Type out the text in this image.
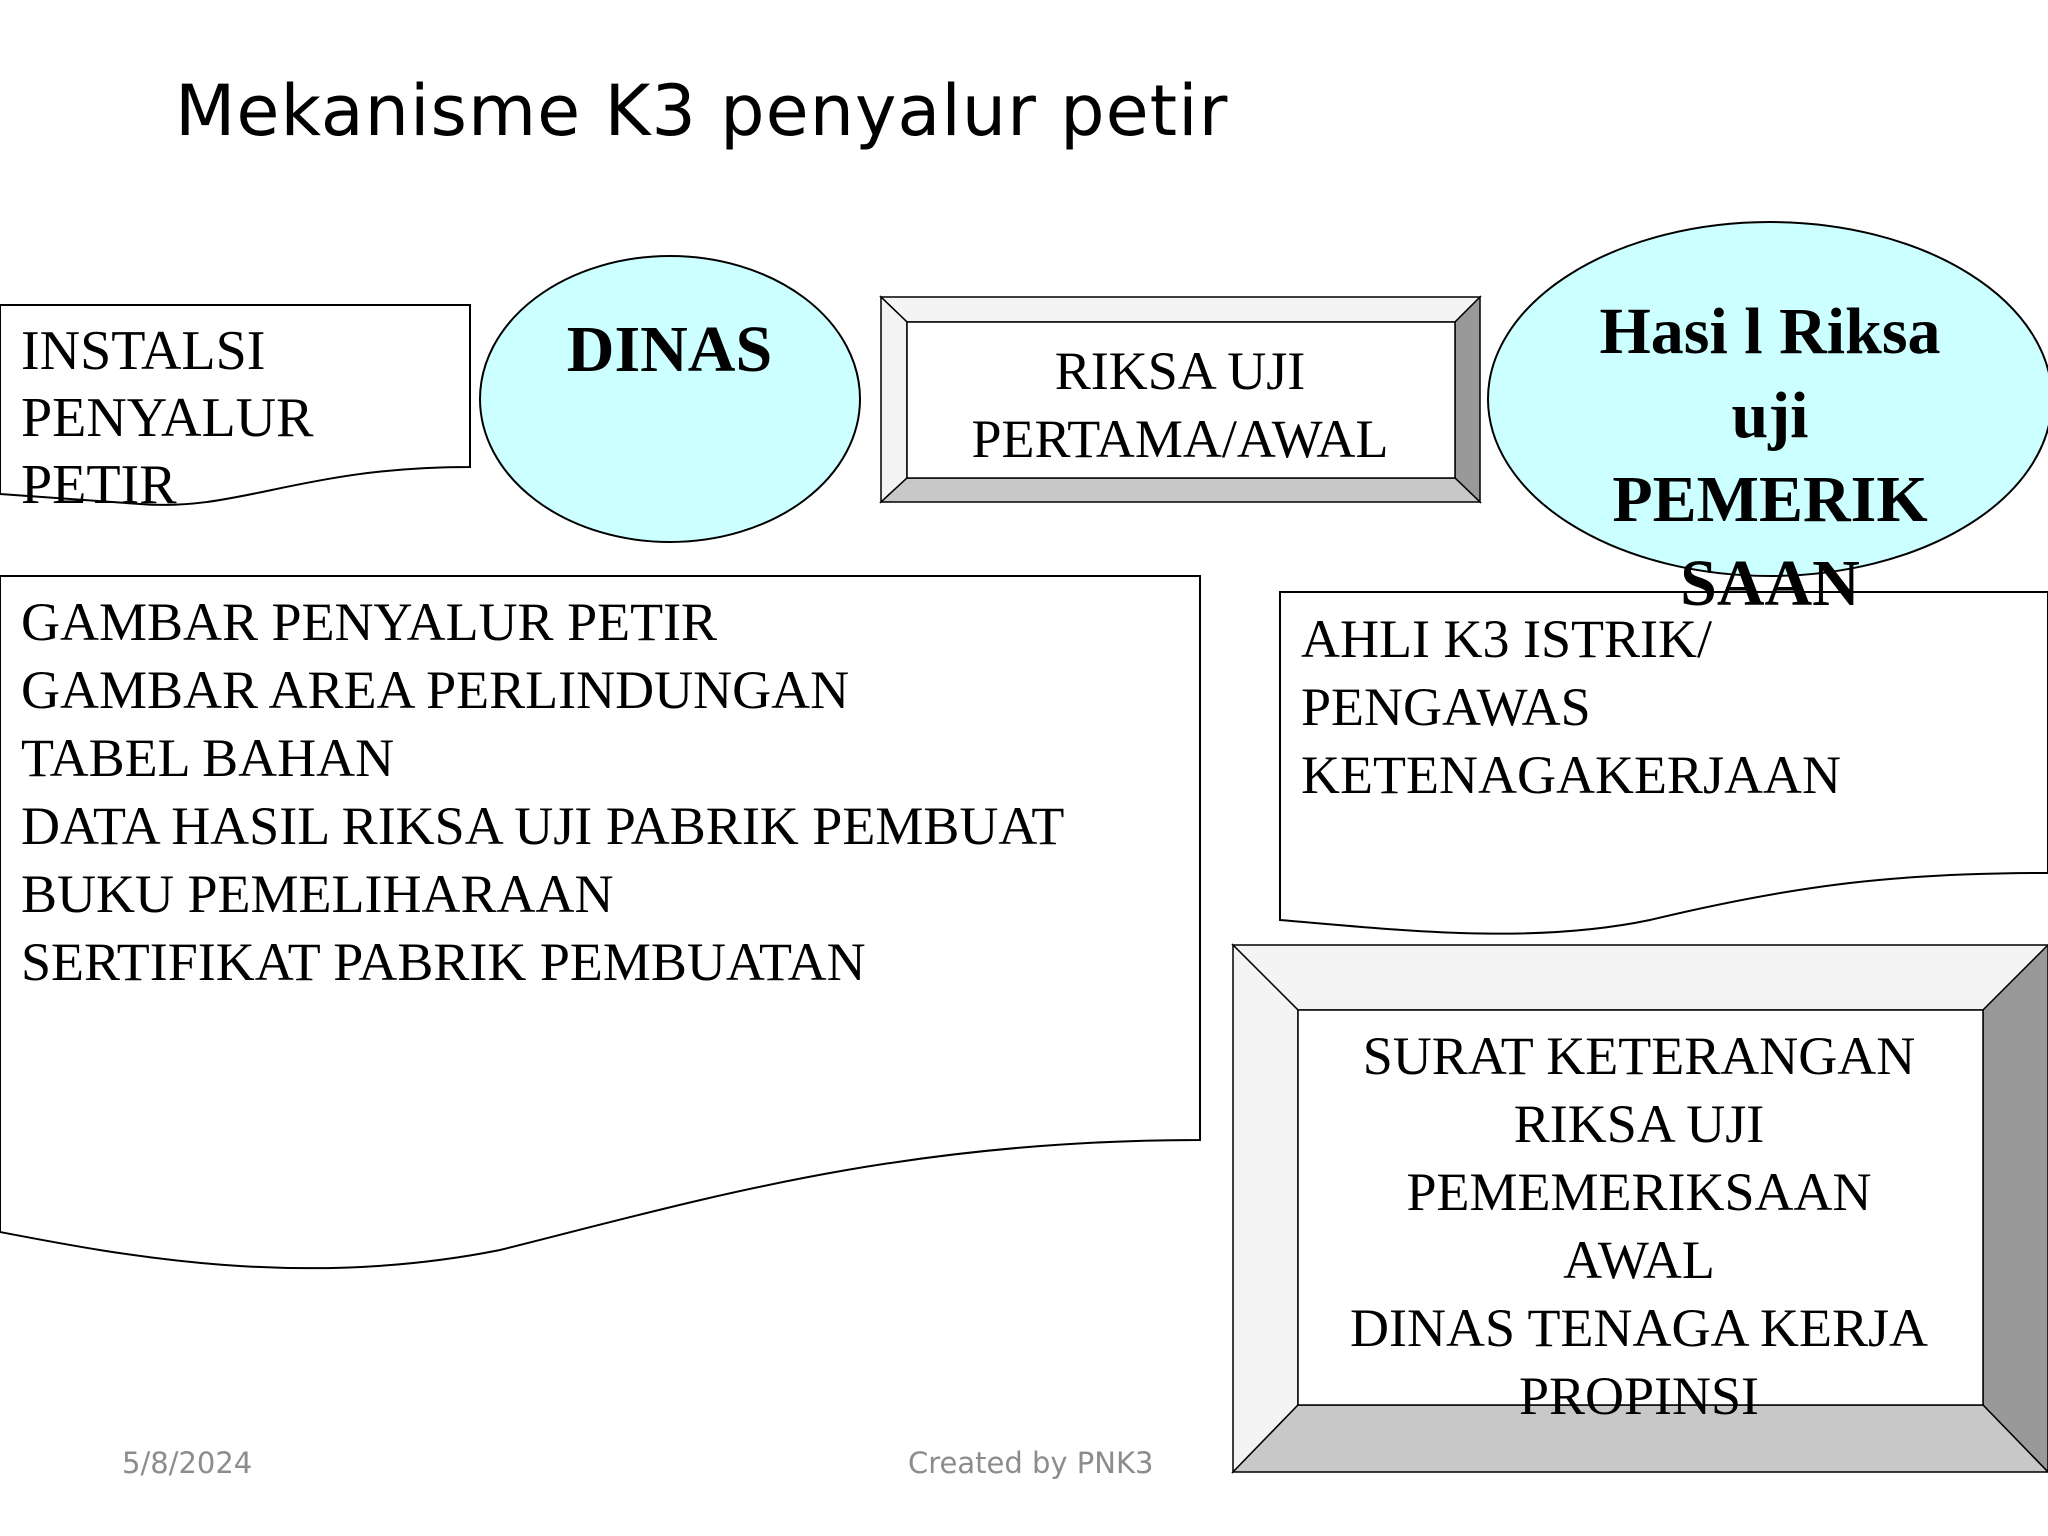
Mekanisme K3 penyalur petir
INSTALSI
PENYALUR
PETIR
DINAS	RIKSA UJI
PERTAMA/AWAL
Hasi l Riksa
uji
PEMERIK
SAAN
GAMBAR PENYALUR PETIR
GAMBAR AREA PERLINDUNGAN
TABEL BAHAN
DATA HASIL RIKSA UJI PABRIK PEMBUAT
BUKU PEMELIHARAAN
SERTIFIKAT PABRIK PEMBUATAN
AHLI K3 ISTRIK/
PENGAWAS
KETENAGAKERJAAN
SURAT KETERANGAN
RIKSA UJI
PEMEMERIKSAAN
AWAL
DINAS TENAGA KERJA
PROPINSI
5/8/2024	Created by PNK3
